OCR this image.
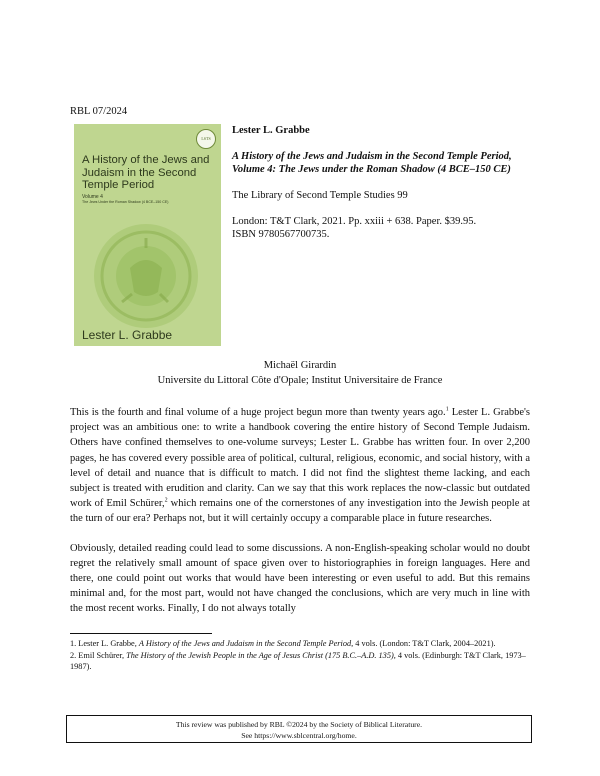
RBL 07/2024
LSTS
A History of the Jews and Judaism in the Second Temple Period
Volume 4
The Jews Under the Roman Shadow (4 BCE–150 CE)
Lester L. Grabbe

Lester L. Grabbe

A History of the Jews and Judaism in the Second Temple Period, Volume 4: The Jews under the Roman Shadow (4 BCE–150 CE)

The Library of Second Temple Studies 99

London: T&T Clark, 2021. Pp. xxiii + 638. Paper. $39.95.

ISBN 9780567700735.

Michaël Girardin
Universite du Littoral Côte d'Opale; Institut Universitaire de France

This is the fourth and final volume of a huge project begun more than twenty years ago.$^1$ Lester L. Grabbe's project was an ambitious one: to write a handbook covering the entire history of Second Temple Judaism. Others have confined themselves to one-volume surveys; Lester L. Grabbe has written four. In over 2,200 pages, he has covered every possible area of political, cultural, religious, economic, and social history, with a level of detail and nuance that is difficult to match. I did not find the slightest theme lacking, and each subject is treated with erudition and clarity. Can we say that this work replaces the now-classic but outdated work of Emil Schürer,$^2$ which remains one of the cornerstones of any investigation into the Jewish people at the turn of our era? Perhaps not, but it will certainly occupy a comparable place in future researches.

Obviously, detailed reading could lead to some discussions. A non-English-speaking scholar would no doubt regret the relatively small amount of space given over to historiographies in foreign languages. Here and there, one could point out works that would have been interesting or even useful to add. But this remains minimal and, for the most part, would not have changed the conclusions, which are very much in line with the most recent works. Finally, I do not always totally

1. Lester L. Grabbe, A History of the Jews and Judaism in the Second Temple Period, 4 vols. (London: T&T Clark, 2004–2021).

2. Emil Schürer, The History of the Jewish People in the Age of Jesus Christ (175 B.C.–A.D. 135), 4 vols. (Edinburgh: T&T Clark, 1973–1987).

This review was published by RBL ©2024 by the Society of Biblical Literature.
See https://www.sblcentral.org/home.
